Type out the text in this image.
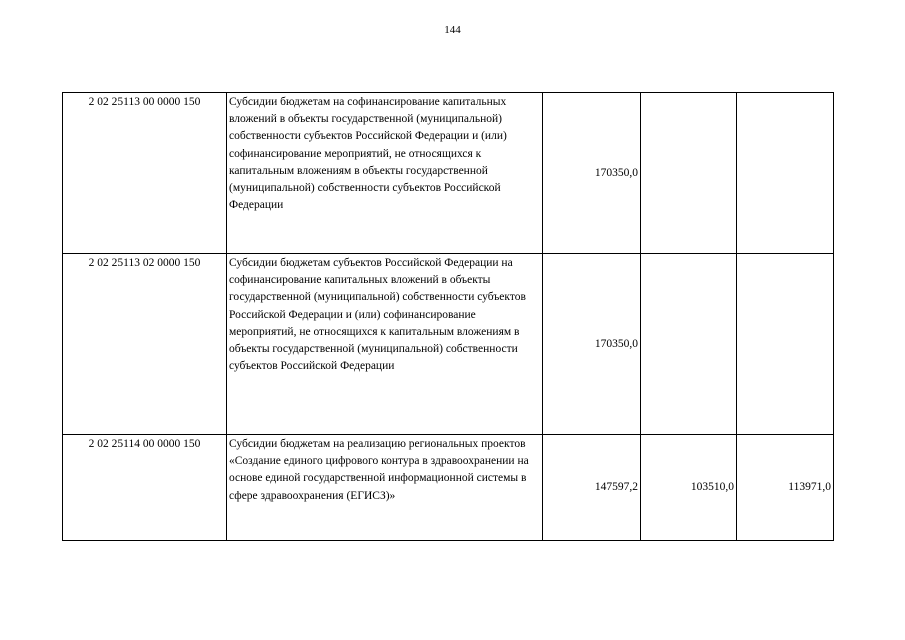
144
2 02 25113 00 0000 150	Субсидии бюджетам на софинансирование капитальных вложений в объекты государственной (муниципальной) собственности субъектов Российской Федерации и (или) софинансирование мероприятий, не относящихся к капитальным вложениям в объекты государственной (муниципальной) собственности субъектов Российской Федерации	170350,0		
2 02 25113 02 0000 150	Субсидии бюджетам субъектов Российской Федерации на софинансирование капитальных вложений в объекты государственной (муниципальной) собственности субъектов Российской Федерации и (или) софинансирование мероприятий, не относящихся к капитальным вложениям в объекты государственной (муниципальной) собственности субъектов Российской Федерации	170350,0		
2 02 25114 00 0000 150	Субсидии бюджетам на реализацию региональных проектов «Создание единого цифрового контура в здравоохранении на основе единой государственной информационной системы в сфере здравоохранения (ЕГИСЗ)»	147597,2	103510,0	113971,0
